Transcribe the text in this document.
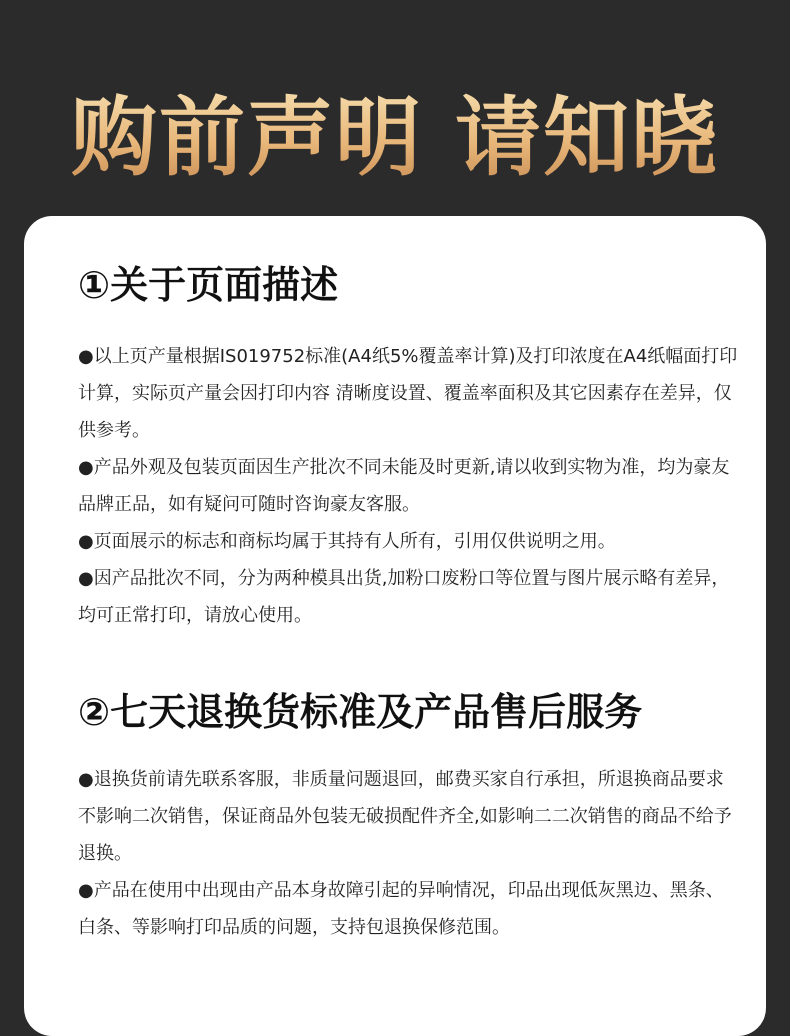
购前声明 请知晓
①关于页面描述

●以上页产量根据IS019752标准(A4纸5%覆盖率计算)及打印浓度在A4纸幅面打印计算，实际页产量会因打印内容 清晰度设置、覆盖率面积及其它因素存在差异，仅供参考。

●产品外观及包装页面因生产批次不同未能及时更新,请以收到实物为准，均为豪友品牌正品，如有疑问可随时咨询豪友客服。

●页面展示的标志和商标均属于其持有人所有，引用仅供说明之用。

●因产品批次不同，分为两种模具出货,加粉口废粉口等位置与图片展示略有差异，均可正常打印，请放心使用。

②七天退换货标准及产品售后服务

●退换货前请先联系客服，非质量问题退回，邮费买家自行承担，所退换商品要求不影响二次销售，保证商品外包装无破损配件齐全,如影响二二次销售的商品不给予退换。

●产品在使用中出现由产品本身故障引起的异响情况，印品出现低灰黑边、黑条、白条、等影响打印品质的问题，支持包退换保修范围。
